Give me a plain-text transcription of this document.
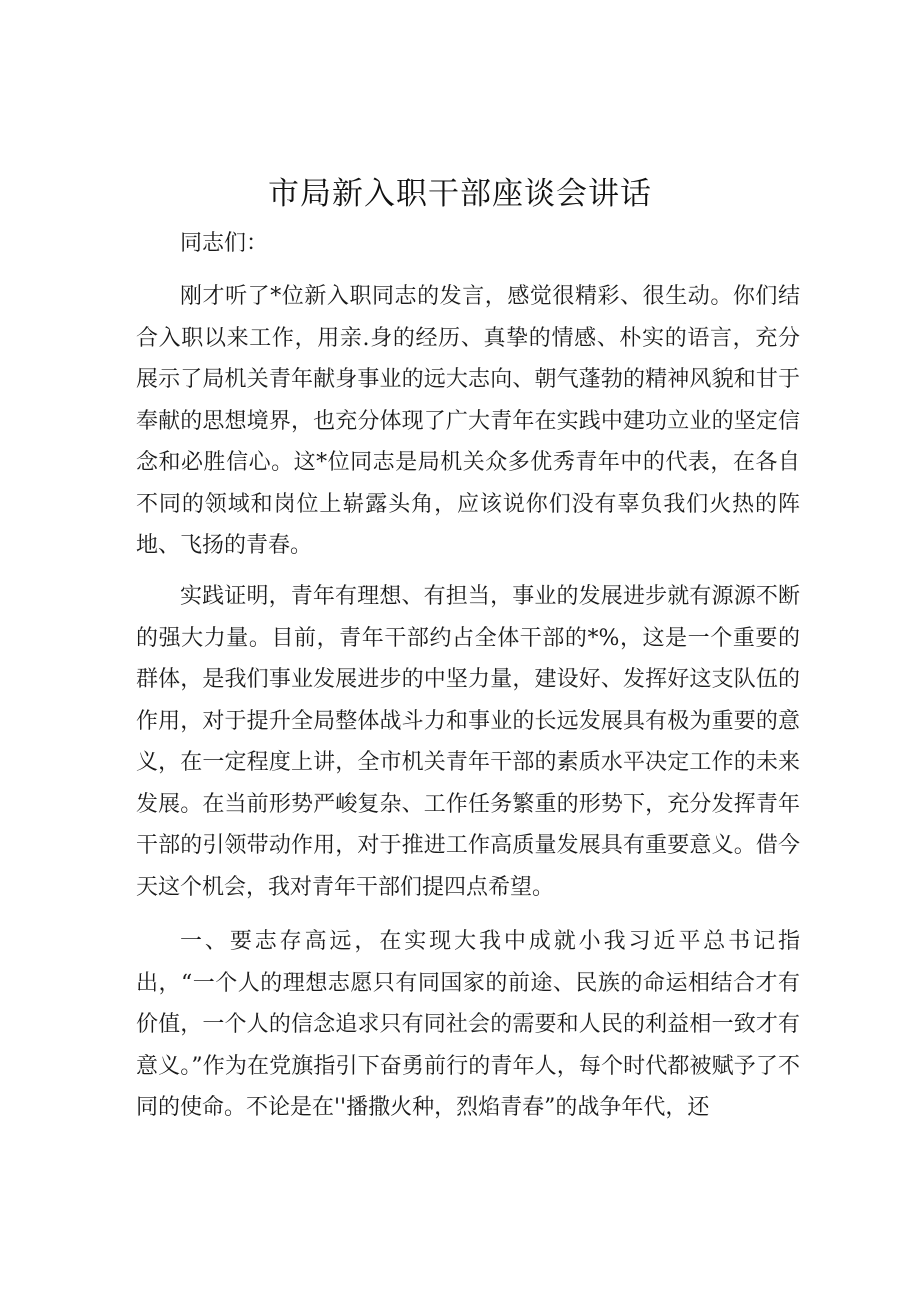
市局新入职干部座谈会讲话

同志们：

刚才听了*位新入职同志的发言，感觉很精彩、很生动。你们结合入职以来工作，用亲.身的经历、真挚的情感、朴实的语言，充分展示了局机关青年献身事业的远大志向、朝气蓬勃的精神风貌和甘于奉献的思想境界，也充分体现了广大青年在实践中建功立业的坚定信念和必胜信心。这*位同志是局机关众多优秀青年中的代表，在各自不同的领域和岗位上崭露头角，应该说你们没有辜负我们火热的阵地、飞扬的青春。

实践证明，青年有理想、有担当，事业的发展进步就有源源不断的强大力量。目前，青年干部约占全体干部的*%，这是一个重要的群体，是我们事业发展进步的中坚力量，建设好、发挥好这支队伍的作用，对于提升全局整体战斗力和事业的长远发展具有极为重要的意义，在一定程度上讲，全市机关青年干部的素质水平决定工作的未来发展。在当前形势严峻复杂、工作任务繁重的形势下，充分发挥青年干部的引领带动作用，对于推进工作高质量发展具有重要意义。借今天这个机会，我对青年干部们提四点希望。

一、要志存高远，在实现大我中成就小我习近平总书记指出，“一个人的理想志愿只有同国家的前途、民族的命运相结合才有价值，一个人的信念追求只有同社会的需要和人民的利益相一致才有意义。”作为在党旗指引下奋勇前行的青年人，每个时代都被赋予了不同的使命。不论是在''播撒火种，烈焰青春”的战争年代，还
